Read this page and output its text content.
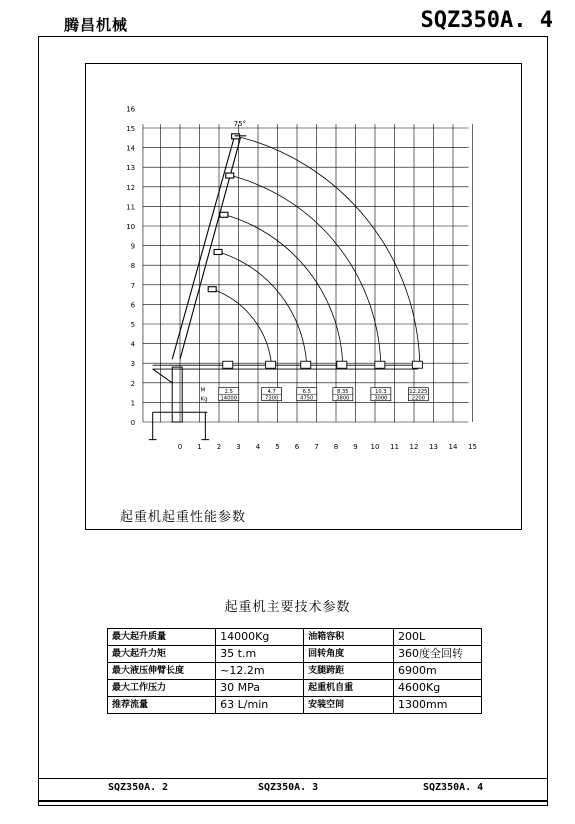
腾昌机械	SQZ350A. 4
0
1
2
3
4
5
6
7
8
9
10
11
12
13
14
15
16
0 1 2 3 4 5 6 7 8 9 10 11 12 13 14 15
75°
M
Kg
2.5
14000
4.7
7300
6.5
4750
8.35
3800
10.3
3000
12.225
2200
起重机起重性能参数
起重机主要技术参数
最大起升质量	14000Kg	油箱容积	200L
最大起升力矩	35 t.m	回转角度	360度全回转
最大液压伸臂长度	~12.2m	支腿跨距	6900m
最大工作压力	30 MPa	起重机自重	4600Kg
推荐流量	63 L/min	安装空间	1300mm
SQZ350A. 2	SQZ350A. 3	SQZ350A. 4
